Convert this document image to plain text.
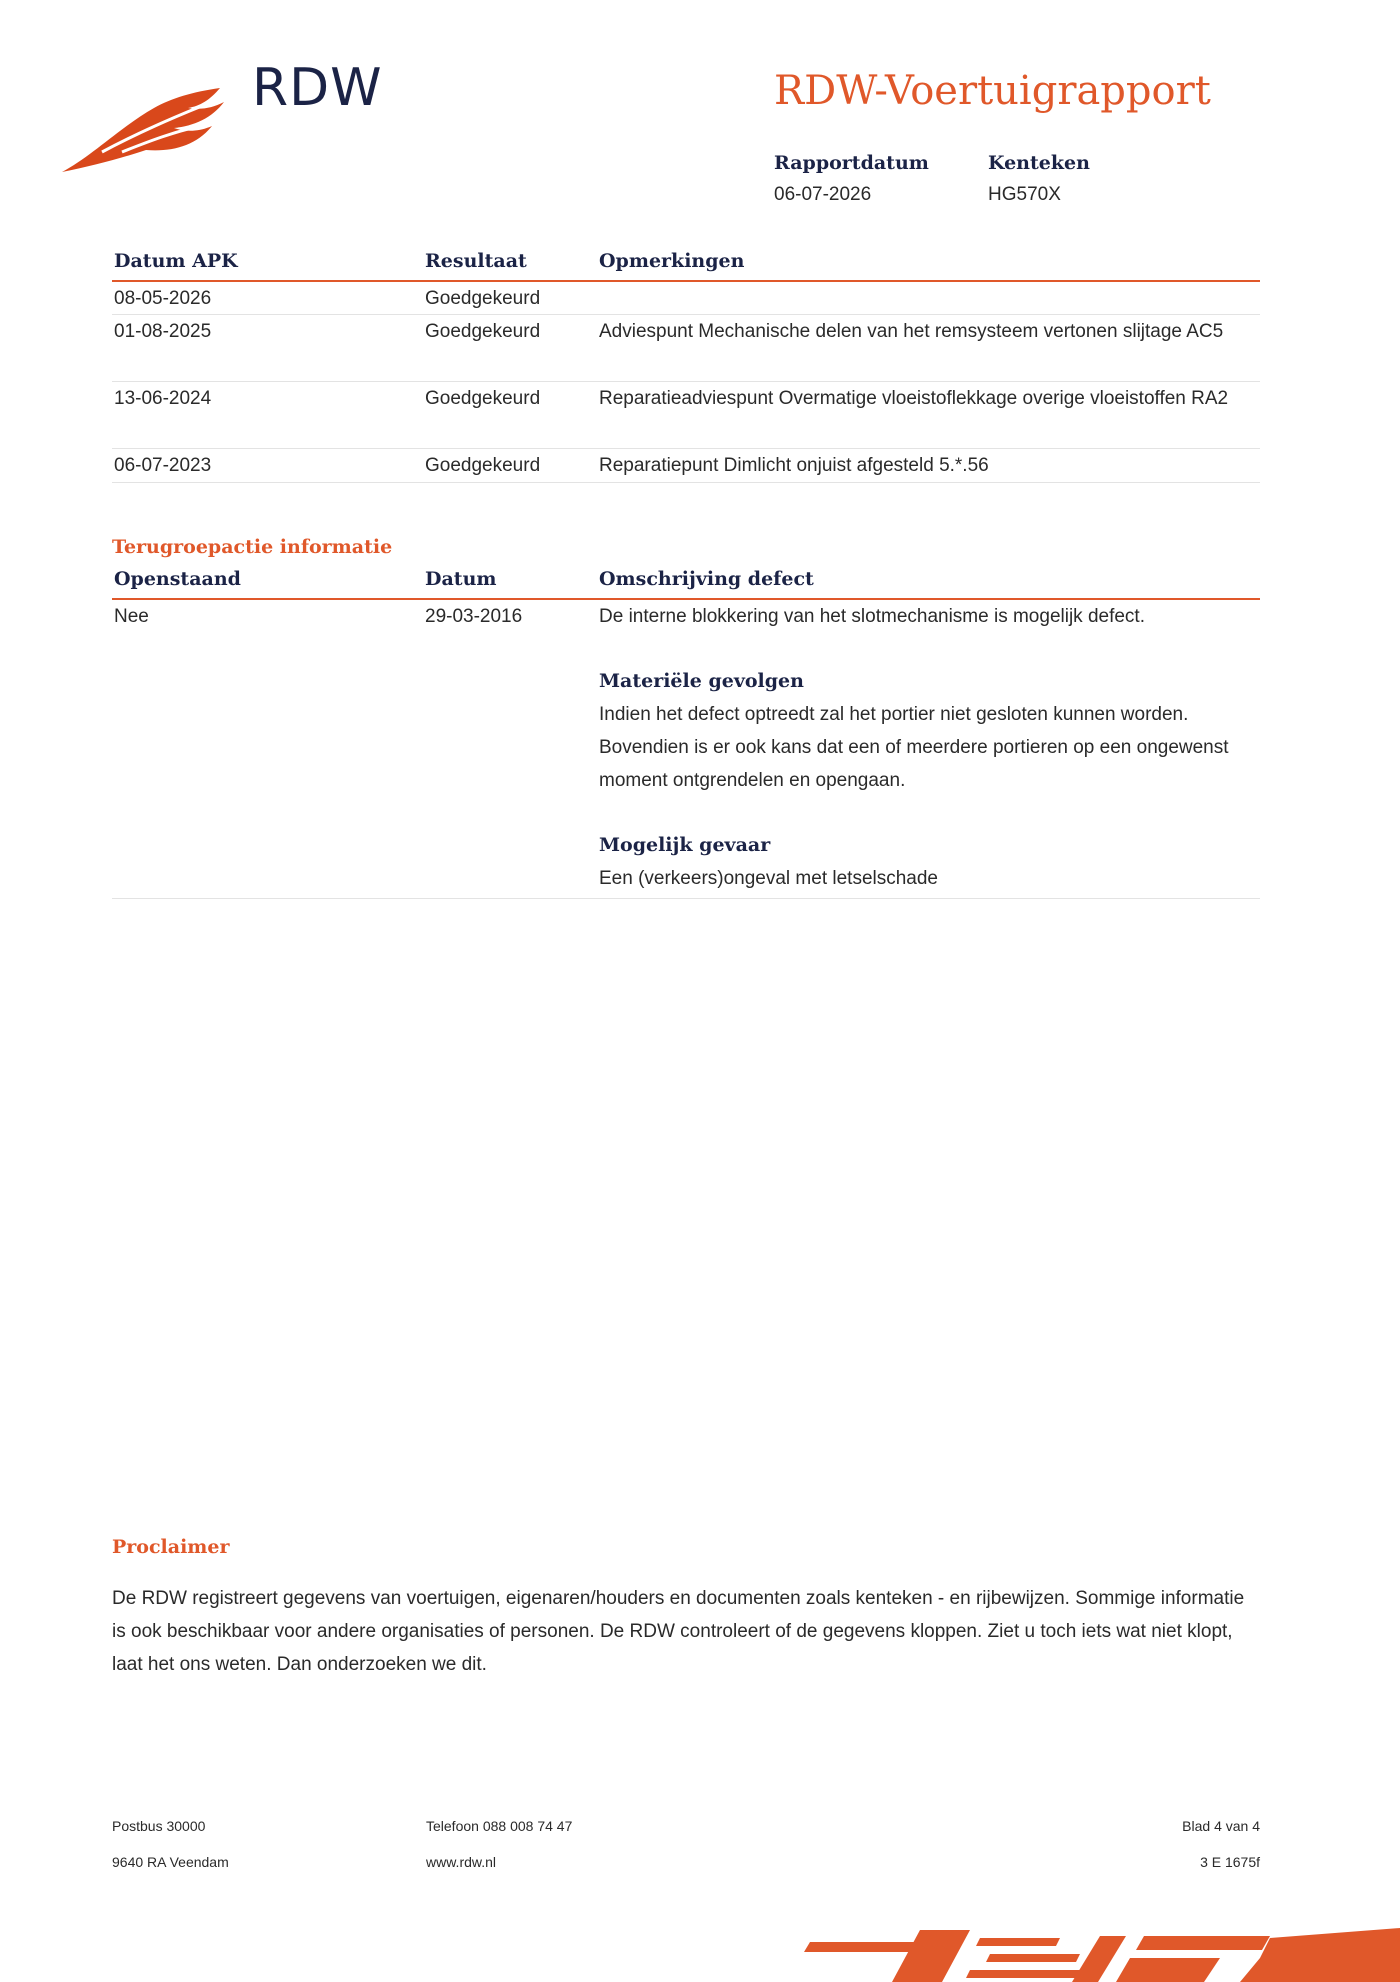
RDW	RDW-Voertuigrapport
Rapportdatum
06-07-2026
Kenteken
HG570X
Datum APK	Resultaat	Opmerkingen
08-05-2026	Goedgekeurd
01-08-2025	Goedgekeurd	Adviespunt Mechanische delen van het remsysteem vertonen slijtage AC5
13-06-2024	Goedgekeurd	Reparatieadviespunt Overmatige vloeistoflekkage overige vloeistoffen RA2
06-07-2023	Goedgekeurd	Reparatiepunt Dimlicht onjuist afgesteld 5.*.56
Terugroepactie informatie
Openstaand	Datum	Omschrijving defect
Nee	29-03-2016	De interne blokkering van het slotmechanisme is mogelijk defect.
Materiële gevolgen
Indien het defect optreedt zal het portier niet gesloten kunnen worden. Bovendien is er ook kans dat een of meerdere portieren op een ongewenst moment ontgrendelen en opengaan.
Mogelijk gevaar
Een (verkeers)ongeval met letselschade
Proclaimer
De RDW registreert gegevens van voertuigen, eigenaren/houders en documenten zoals kenteken - en rijbewijzen. Sommige informatie is ook beschikbaar voor andere organisaties of personen. De RDW controleert of de gegevens kloppen. Ziet u toch iets wat niet klopt, laat het ons weten. Dan onderzoeken we dit.
Postbus 30000
9640 RA Veendam
Telefoon 088 008 74 47
www.rdw.nl
Blad 4 van 4
3 E 1675f
